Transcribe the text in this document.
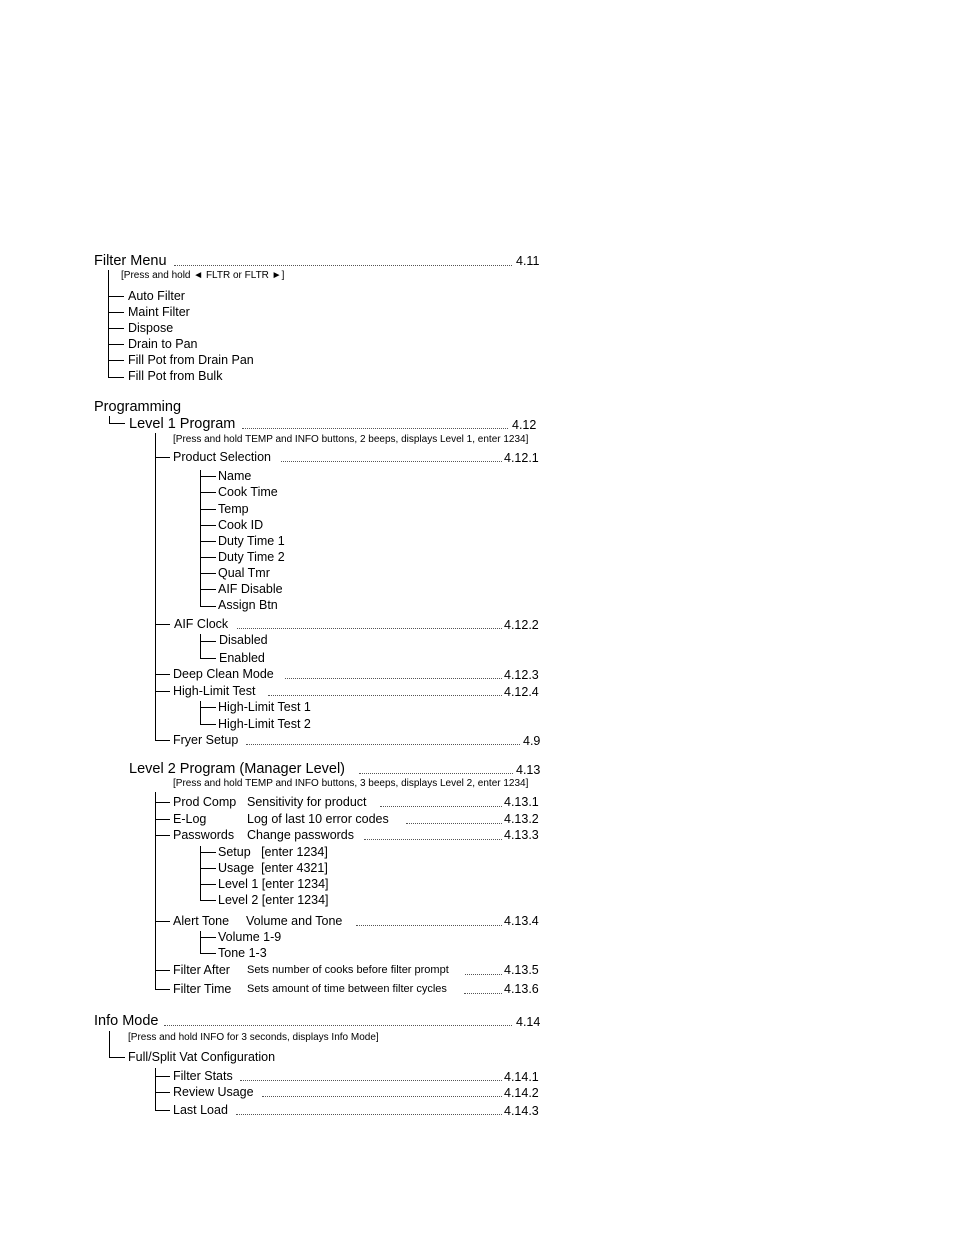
Filter Menu	4.11
[Press and hold ◄ FLTR or FLTR ►]
Auto Filter
Maint Filter
Dispose
Drain to Pan
Fill Pot from Drain Pan
Fill Pot from Bulk
Programming
Level 1 Program	4.12
[Press and hold TEMP and INFO buttons, 2 beeps, displays Level 1, enter 1234]
Product Selection	4.12.1
Name
Cook Time
Temp
Cook ID
Duty Time 1
Duty Time 2
Qual Tmr
AIF Disable
Assign Btn
AIF Clock	4.12.2
Disabled
Enabled
Deep Clean Mode	4.12.3
High-Limit Test	4.12.4
High-Limit Test 1
High-Limit Test 2
Fryer Setup	4.9
Level 2 Program (Manager Level)	4.13
[Press and hold TEMP and INFO buttons, 3 beeps, displays Level 2, enter 1234]
Prod Comp Sensitivity for product	4.13.1
E-Log	Log of last 10 error codes	4.13.2
Passwords Change passwords	4.13.3
Setup   [enter 1234]
Usage  [enter 4321]
Level 1 [enter 1234]
Level 2 [enter 1234]
Alert Tone Volume and Tone	4.13.4
Volume 1-9
Tone 1-3
Filter After Sets number of cooks before filter prompt	4.13.5
Filter Time Sets amount of time between filter cycles	4.13.6
Info Mode	4.14
[Press and hold INFO for 3 seconds, displays Info Mode]
Full/Split Vat Configuration
Filter Stats	4.14.1
Review Usage	4.14.2
Last Load	4.14.3
